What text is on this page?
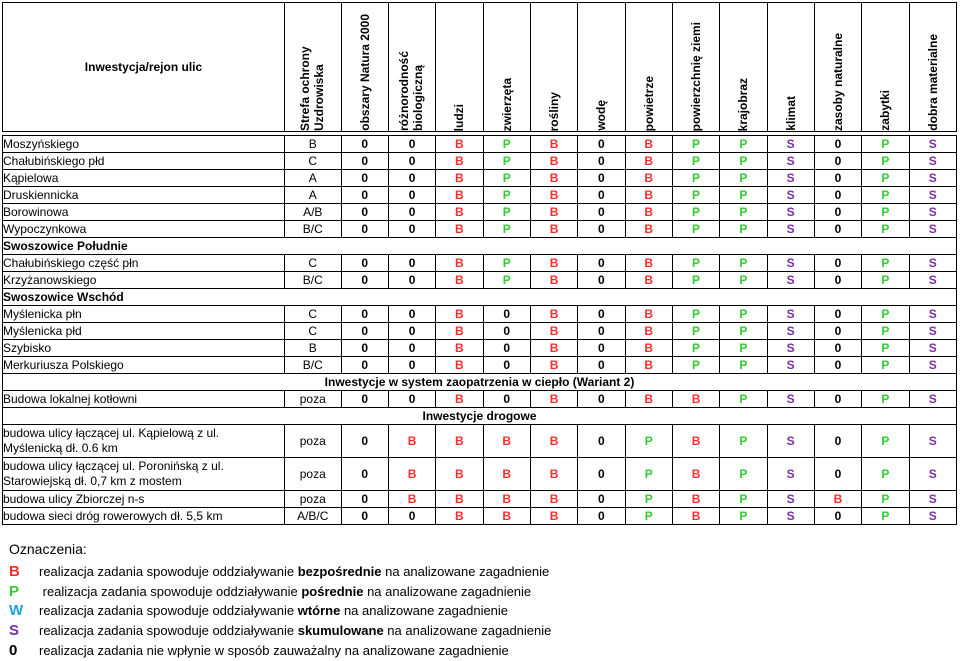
Inwestycja/rejon ulic	Strefa ochrony Uzdrowiska	obszary Natura 2000	różnorodność biologiczną	ludzi	zwierzęta	rośliny	wodę	powietrze	powierzchnię ziemi	krajobraz	klimat	zasoby naturalne	zabytki	dobra materialne

Moszyńskiego	B	0	0	B	P	B	0	B	P	P	S	0	P	S
Chałubińskiego płd	C	0	0	B	P	B	0	B	P	P	S	0	P	S
Kąpielowa	A	0	0	B	P	B	0	B	P	P	S	0	P	S
Druskiennicka	A	0	0	B	P	B	0	B	P	P	S	0	P	S
Borowinowa	A/B	0	0	B	P	B	0	B	P	P	S	0	P	S
Wypoczynkowa	B/C	0	0	B	P	B	0	B	P	P	S	0	P	S
Swoszowice Południe														
Chałubińskiego część płn	C	0	0	B	P	B	0	B	P	P	S	0	P	S
Krzyżanowskiego	B/C	0	0	B	P	B	0	B	P	P	S	0	P	S
Swoszowice Wschód														
Myślenicka płn	C	0	0	B	0	B	0	B	P	P	S	0	P	S
Myślenicka płd	C	0	0	B	0	B	0	B	P	P	S	0	P	S
Szybisko	B	0	0	B	0	B	0	B	P	P	S	0	P	S
Merkuriusza Polskiego	B/C	0	0	B	0	B	0	B	P	P	S	0	P	S
Inwestycje w system zaopatrzenia w ciepło (Wariant 2)														
Budowa lokalnej kotłowni	poza	0	0	B	0	B	0	B	B	P	S	0	P	S
Inwestycje drogowe														

budowa ulicy łączącej ul. Kąpielową z ul.
Myślenicką dł. 0.6 km	poza	0	B	B	B	B	0	P	B	P	S	0	P	S

budowa ulicy łączącej ul. Poronińską z ul.
Starowiejską dł. 0,7 km z mostem	poza	0	B	B	B	B	0	P	B	P	S	0	P	S
budowa ulicy Zbiorczej n-s	poza	0	B	B	B	B	0	P	B	P	S	B	P	S
budowa sieci dróg rowerowych dł. 5,5 km	A/B/C	0	0	B	B	B	0	P	B	P	S	0	P	S
Oznaczenia:
B realizacja zadania spowoduje oddziaływanie bezpośrednie na analizowane zagadnienie
P realizacja zadania spowoduje oddziaływanie pośrednie na analizowane zagadnienie
W realizacja zadania spowoduje oddziaływanie wtórne na analizowane zagadnienie
S realizacja zadania spowoduje oddziaływanie skumulowane na analizowane zagadnienie
0 realizacja zadania nie wpłynie w sposób zauważalny na analizowane zagadnienie
